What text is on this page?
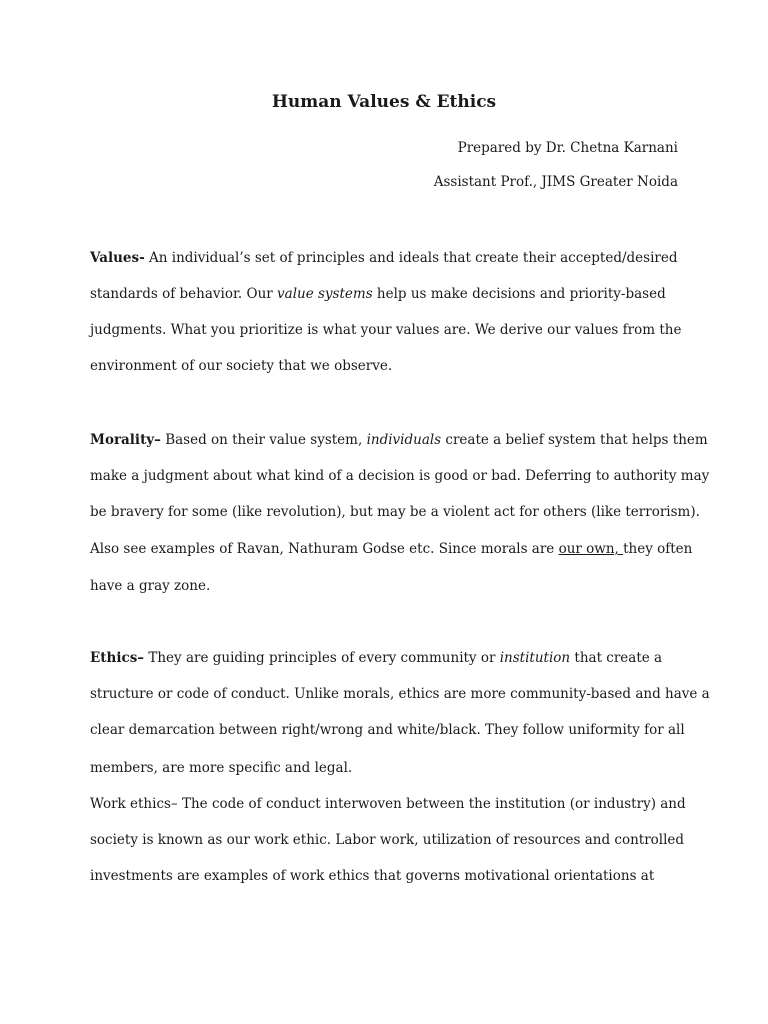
Human Values & Ethics

Prepared by Dr. Chetna Karnani

Assistant Prof., JIMS Greater Noida

Values- An individual’s set of principles and ideals that create their accepted/desired

standards of behavior. Our value systems help us make decisions and priority-based

judgments. What you prioritize is what your values are. We derive our values from the

environment of our society that we observe.

Morality– Based on their value system, individuals create a belief system that helps them

make a judgment about what kind of a decision is good or bad. Deferring to authority may

be bravery for some (like revolution), but may be a violent act for others (like terrorism).

Also see examples of Ravan, Nathuram Godse etc. Since morals are our own, they often

have a gray zone.

Ethics– They are guiding principles of every community or institution that create a

structure or code of conduct. Unlike morals, ethics are more community-based and have a

clear demarcation between right/wrong and white/black. They follow uniformity for all

members, are more specific and legal.

Work ethics– The code of conduct interwoven between the institution (or industry) and

society is known as our work ethic. Labor work, utilization of resources and controlled

investments are examples of work ethics that governs motivational orientations at
